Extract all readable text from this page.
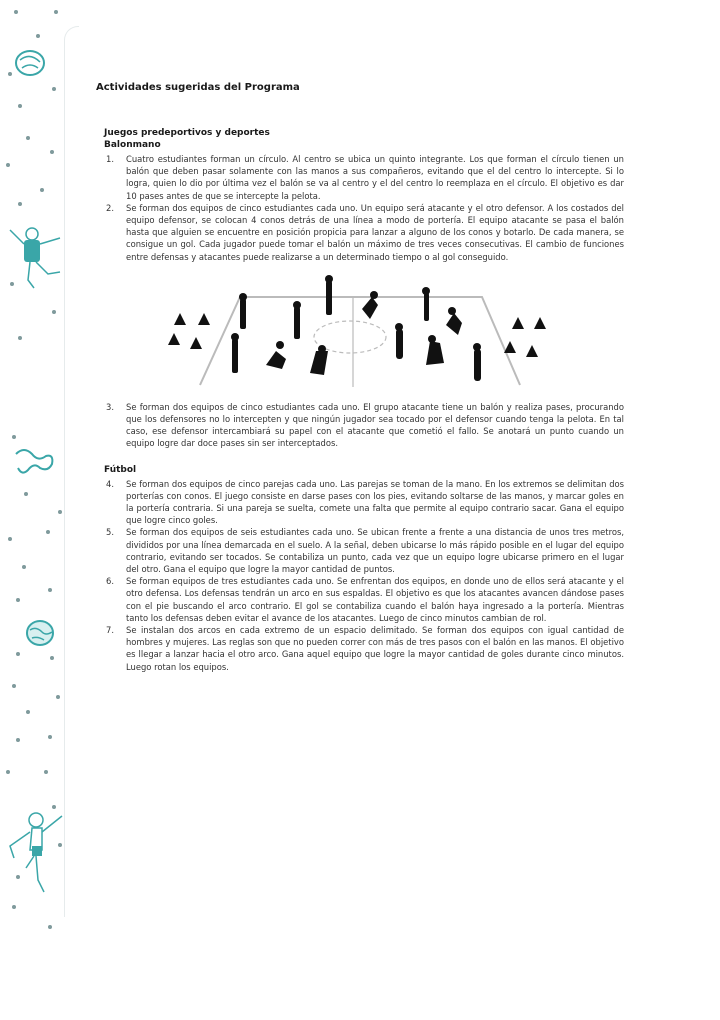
Actividades sugeridas del Programa
Juegos predeportivos y deportes
Balonmano
1. Cuatro estudiantes forman un círculo. Al centro se ubica un quinto integrante. Los que forman el círculo tienen un balón que deben pasar solamente con las manos a sus compañeros, evitando que el del centro lo intercepte. Si lo logra, quien lo dio por última vez el balón se va al centro y el del centro lo reemplaza en el círculo. El objetivo es dar 10 pases antes de que se intercepte la pelota.
2. Se forman dos equipos de cinco estudiantes cada uno. Un equipo será atacante y el otro defensor. A los costados del equipo defensor, se colocan 4 conos detrás de una línea a modo de portería. El equipo atacante se pasa el balón hasta que alguien se encuentre en posición propicia para lanzar a alguno de los conos y botarlo. De cada manera, se consigue un gol. Cada jugador puede tomar el balón un máximo de tres veces consecutivas. El cambio de funciones entre defensas y atacantes puede realizarse a un determinado tiempo o al gol conseguido.
3. Se forman dos equipos de cinco estudiantes cada uno. El grupo atacante tiene un balón y realiza pases, procurando que los defensores no lo intercepten y que ningún jugador sea tocado por el defensor cuando tenga la pelota. En tal caso, ese defensor intercambiará su papel con el atacante que cometió el fallo. Se anotará un punto cuando un equipo logre dar doce pases sin ser interceptados.
Fútbol
4. Se forman dos equipos de cinco parejas cada uno. Las parejas se toman de la mano. En los extremos se delimitan dos porterías con conos. El juego consiste en darse pases con los pies, evitando soltarse de las manos, y marcar goles en la portería contraria. Si una pareja se suelta, comete una falta que permite al equipo contrario sacar. Gana el equipo que logre cinco goles.
5. Se forman dos equipos de seis estudiantes cada uno. Se ubican frente a frente a una distancia de unos tres metros, divididos por una línea demarcada en el suelo. A la señal, deben ubicarse lo más rápido posible en el lugar del equipo contrario, evitando ser tocados. Se contabiliza un punto, cada vez que un equipo logre ubicarse primero en el lugar del otro. Gana el equipo que logre la mayor cantidad de puntos.
6. Se forman equipos de tres estudiantes cada uno. Se enfrentan dos equipos, en donde uno de ellos será atacante y el otro defensa. Los defensas tendrán un arco en sus espaldas. El objetivo es que los atacantes avancen dándose pases con el pie buscando el arco contrario. El gol se contabiliza cuando el balón haya ingresado a la portería. Mientras tanto los defensas deben evitar el avance de los atacantes. Luego de cinco minutos cambian de rol.
7. Se instalan dos arcos en cada extremo de un espacio delimitado. Se forman dos equipos con igual cantidad de hombres y mujeres. Las reglas son que no pueden correr con más de tres pasos con el balón en las manos. El objetivo es llegar a lanzar hacia el otro arco. Gana aquel equipo que logre la mayor cantidad de goles durante cinco minutos. Luego rotan los equipos.
